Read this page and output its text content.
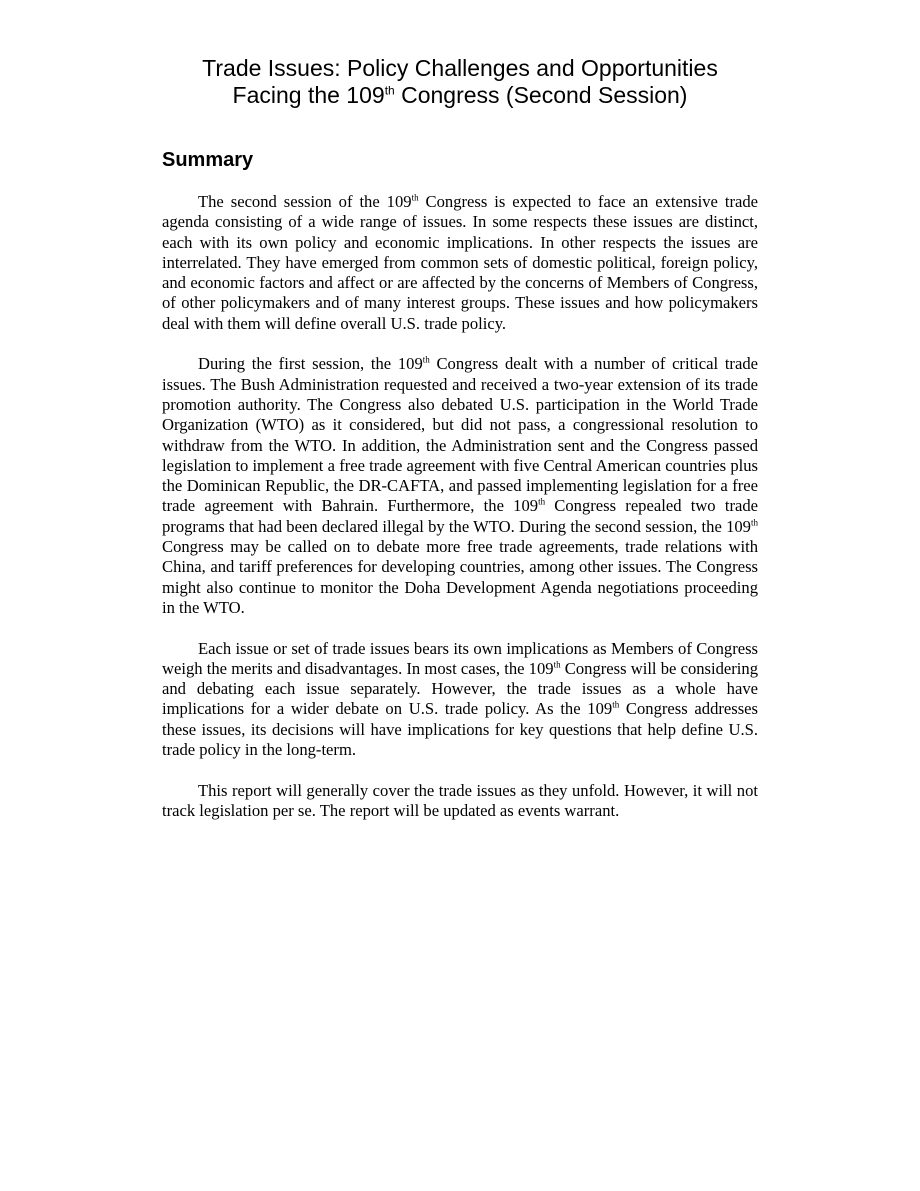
Trade Issues: Policy Challenges and Opportunities
Facing the 109th Congress (Second Session)
Summary

The second session of the 109th Congress is expected to face an extensive trade agenda consisting of a wide range of issues. In some respects these issues are distinct, each with its own policy and economic implications. In other respects the issues are interrelated. They have emerged from common sets of domestic political, foreign policy, and economic factors and affect or are affected by the concerns of Members of Congress, of other policymakers and of many interest groups. These issues and how policymakers deal with them will define overall U.S. trade policy.

During the first session, the 109th Congress dealt with a number of critical trade issues. The Bush Administration requested and received a two-year extension of its trade promotion authority. The Congress also debated U.S. participation in the World Trade Organization (WTO) as it considered, but did not pass, a congressional resolution to withdraw from the WTO. In addition, the Administration sent and the Congress passed legislation to implement a free trade agreement with five Central American countries plus the Dominican Republic, the DR-CAFTA, and passed implementing legislation for a free trade agreement with Bahrain. Furthermore, the 109th Congress repealed two trade programs that had been declared illegal by the WTO. During the second session, the 109th Congress may be called on to debate more free trade agreements, trade relations with China, and tariff preferences for developing countries, among other issues. The Congress might also continue to monitor the Doha Development Agenda negotiations proceeding in the WTO.

Each issue or set of trade issues bears its own implications as Members of Congress weigh the merits and disadvantages. In most cases, the 109th Congress will be considering and debating each issue separately. However, the trade issues as a whole have implications for a wider debate on U.S. trade policy. As the 109th Congress addresses these issues, its decisions will have implications for key questions that help define U.S. trade policy in the long-term.

This report will generally cover the trade issues as they unfold. However, it will not track legislation per se. The report will be updated as events warrant.
